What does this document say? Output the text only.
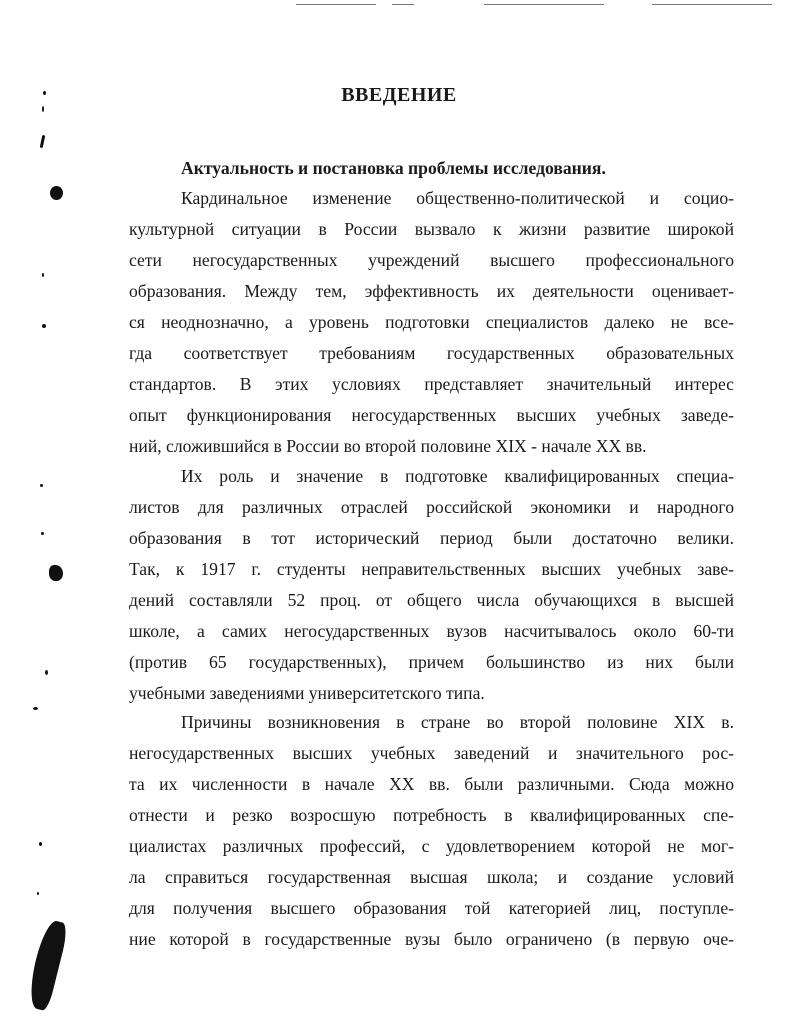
ВВЕДЕНИЕ
Актуальность и постановка проблемы исследования.
Кардинальное изменение общественно-политической и социо-
культурной ситуации в России вызвало к жизни развитие широкой
сети негосударственных учреждений высшего профессионального
образования. Между тем, эффективность их деятельности оценивает-
ся неоднозначно, а уровень подготовки специалистов далеко не все-
гда соответствует требованиям государственных образовательных
стандартов. В этих условиях представляет значительный интерес
опыт функционирования негосударственных высших учебных заведе-
ний, сложившийся в России во второй половине XIX - начале XX вв.
Их роль и значение в подготовке квалифицированных специа-
листов для различных отраслей российской экономики и народного
образования в тот исторический период были достаточно велики.
Так, к 1917 г. студенты неправительственных высших учебных заве-
дений составляли 52 проц. от общего числа обучающихся в высшей
школе, а самих негосударственных вузов насчитывалось около 60-ти
(против 65 государственных), причем большинство из них были
учебными заведениями университетского типа.
Причины возникновения в стране во второй половине XIX в.
негосударственных высших учебных заведений и значительного рос-
та их численности в начале XX вв. были различными. Сюда можно
отнести и резко возросшую потребность в квалифицированных спе-
циалистах различных профессий, с удовлетворением которой не мог-
ла справиться государственная высшая школа; и создание условий
для получения высшего образования той категорией лиц, поступле-
ние которой в государственные вузы было ограничено (в первую оче-
